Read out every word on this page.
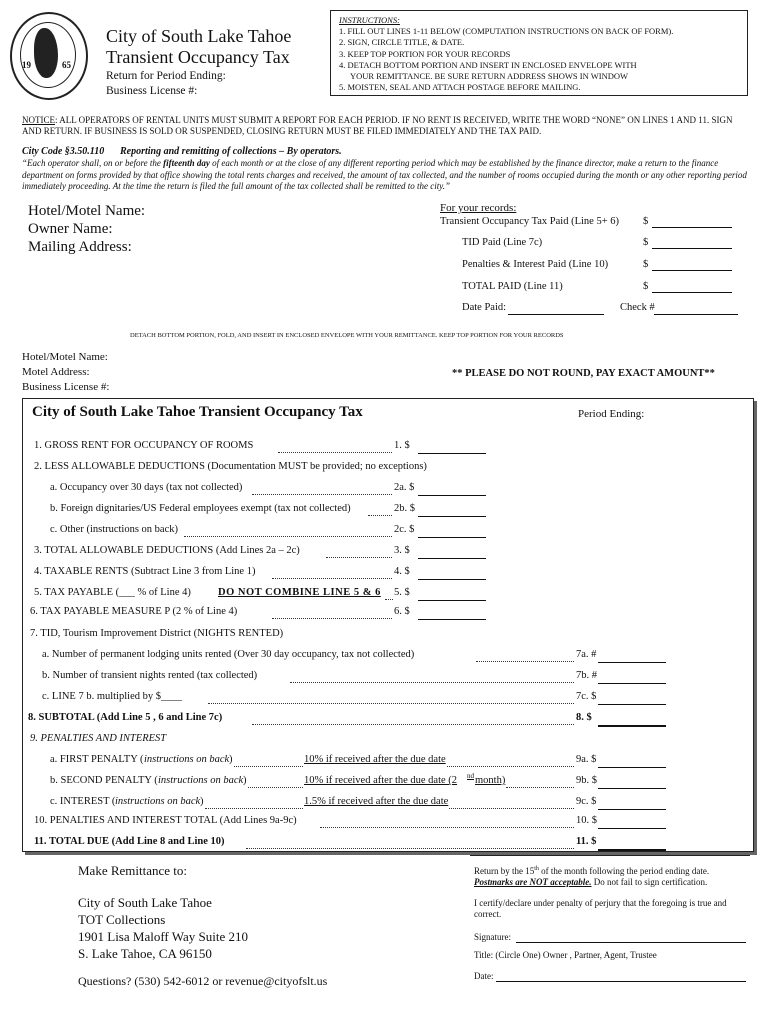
19	65
City of South Lake Tahoe
Transient Occupancy Tax
Return for Period Ending:
Business License #:
INSTRUCTIONS:
1. FILL OUT LINES 1-11 BELOW (COMPUTATION INSTRUCTIONS ON BACK OF FORM).
2. SIGN, CIRCLE TITLE, & DATE.
3. KEEP TOP PORTION FOR YOUR RECORDS
4. DETACH BOTTOM PORTION AND INSERT IN ENCLOSED ENVELOPE WITH
YOUR REMITTANCE. BE SURE RETURN ADDRESS SHOWS IN WINDOW
5. MOISTEN, SEAL AND ATTACH POSTAGE BEFORE MAILING.
NOTICE: ALL OPERATORS OF RENTAL UNITS MUST SUBMIT A REPORT FOR EACH PERIOD. IF NO RENT IS RECEIVED, WRITE THE WORD “NONE” ON LINES 1 AND 11. SIGN AND RETURN. IF BUSINESS IS SOLD OR SUSPENDED, CLOSING RETURN MUST BE FILED IMMEDIATELY AND THE TAX PAID.
City Code §3.50.110 Reporting and remitting of collections – By operators.
“Each operator shall, on or before the fifteenth day of each month or at the close of any different reporting period which may be established by the finance director, make a return to the finance department on forms provided by that office showing the total rents charges and received, the amount of tax collected, and the number of rooms occupied during the month or any other reporting period immediately proceeding. At the time the return is filed the full amount of the tax collected shall be remitted to the city.”
Hotel/Motel Name:
Owner Name:
Mailing Address:
For your records:
Transient Occupancy Tax Paid (Line 5+ 6) $
TID Paid (Line 7c)	$
Penalties & Interest Paid (Line 10)	$
TOTAL PAID (Line 11)	$
Date Paid:	Check #
DETACH BOTTOM PORTION, FOLD, AND INSERT IN ENCLOSED ENVELOPE WITH YOUR REMITTANCE. KEEP TOP PORTION FOR YOUR RECORDS
Hotel/Motel Name:
Motel Address:
Business License #:
** PLEASE DO NOT ROUND, PAY EXACT AMOUNT**
City of South Lake Tahoe Transient Occupancy Tax	Period Ending:
1. GROSS RENT FOR OCCUPANCY OF ROOMS	1. $
2. LESS ALLOWABLE DEDUCTIONS (Documentation MUST be provided; no exceptions)
a. Occupancy over 30 days (tax not collected)	2a. $
b. Foreign dignitaries/US Federal employees exempt (tax not collected)	2b. $
c. Other (instructions on back)	2c. $
3. TOTAL ALLOWABLE DEDUCTIONS (Add Lines 2a – 2c)	3. $
4. TAXABLE RENTS (Subtract Line 3 from Line 1)	4. $
5. TAX PAYABLE (___ % of Line 4)	DO NOT COMBINE LINE 5 & 6 5. $
6. TAX PAYABLE MEASURE P (2 % of Line 4)	6. $
7. TID, Tourism Improvement District (NIGHTS RENTED)
a. Number of permanent lodging units rented (Over 30 day occupancy, tax not collected)	7a. #
b. Number of transient nights rented (tax collected)	7b. #
c. LINE 7 b. multiplied by $____	7c. $
8. SUBTOTAL (Add Line 5 , 6 and Line 7c)	8. $
9. PENALTIES AND INTEREST
10. PENALTIES AND INTEREST TOTAL (Add Lines 9a-9c)	10. $
11. TOTAL DUE (Add Line 8 and Line 10)	11. $
a. FIRST PENALTY ( instructions on back )	10% if received after the due date	9a. $
b. SECOND PENALTY ( instructions on back )	10% if received after the due date (2 nd month)	9b. $
c. INTEREST ( instructions on back )	1.5% if received after the due date	9c. $
Make Remittance to:
City of South Lake Tahoe
TOT Collections
1901 Lisa Maloff Way Suite 210
S. Lake Tahoe, CA 96150
Questions? (530) 542-6012 or revenue@cityofslt.us
Return by the 15th of the month following the period ending date.
Postmarks are NOT acceptable. Do not fail to sign certification.
I certify/declare under penalty of perjury that the foregoing is true and correct.
Signature:
Title: (Circle One) Owner , Partner, Agent, Trustee
Date:
